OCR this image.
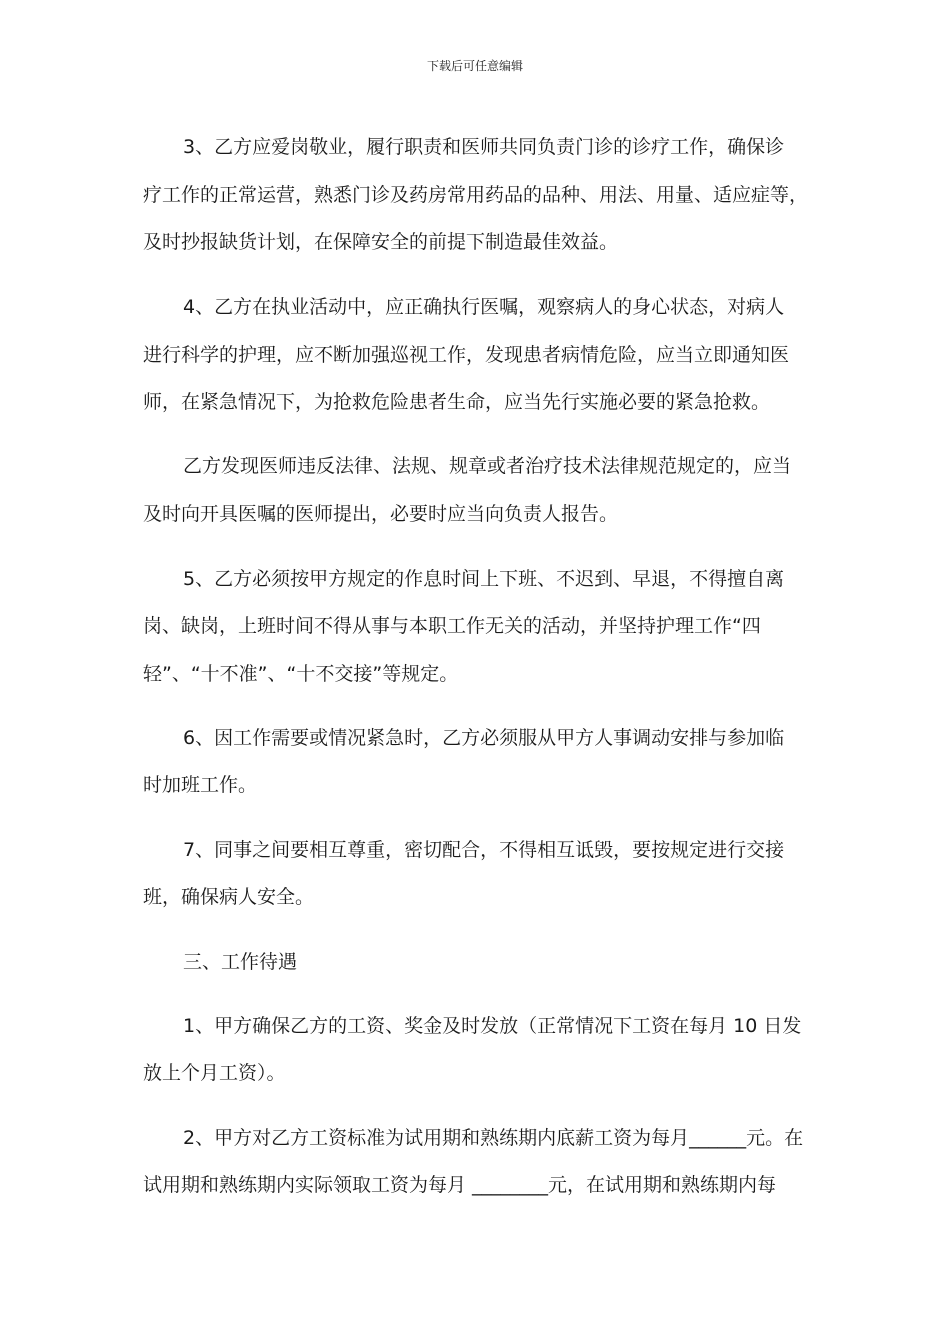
下载后可任意编辑
3、乙方应爱岗敬业，履行职责和医师共同负责门诊的诊疗工作，确保诊
疗工作的正常运营，熟悉门诊及药房常用药品的品种、用法、用量、适应症等，
及时抄报缺货计划，在保障安全的前提下制造最佳效益。
4、乙方在执业活动中，应正确执行医嘱，观察病人的身心状态，对病人
进行科学的护理，应不断加强巡视工作，发现患者病情危险，应当立即通知医
师，在紧急情况下，为抢救危险患者生命，应当先行实施必要的紧急抢救。
乙方发现医师违反法律、法规、规章或者治疗技术法律规范规定的，应当
及时向开具医嘱的医师提出，必要时应当向负责人报告。
5、乙方必须按甲方规定的作息时间上下班、不迟到、早退，不得擅自离
岗、缺岗，上班时间不得从事与本职工作无关的活动，并坚持护理工作“四
轻”、“十不准”、“十不交接”等规定。
6、因工作需要或情况紧急时，乙方必须服从甲方人事调动安排与参加临
时加班工作。
7、同事之间要相互尊重，密切配合，不得相互诋毁，要按规定进行交接
班，确保病人安全。
三、工作待遇
1、甲方确保乙方的工资、奖金及时发放（正常情况下工资在每月 10 日发
放上个月工资）。
2、甲方对乙方工资标准为试用期和熟练期内底薪工资为每月______元。在
试用期和熟练期内实际领取工资为每月 ________元，在试用期和熟练期内每
